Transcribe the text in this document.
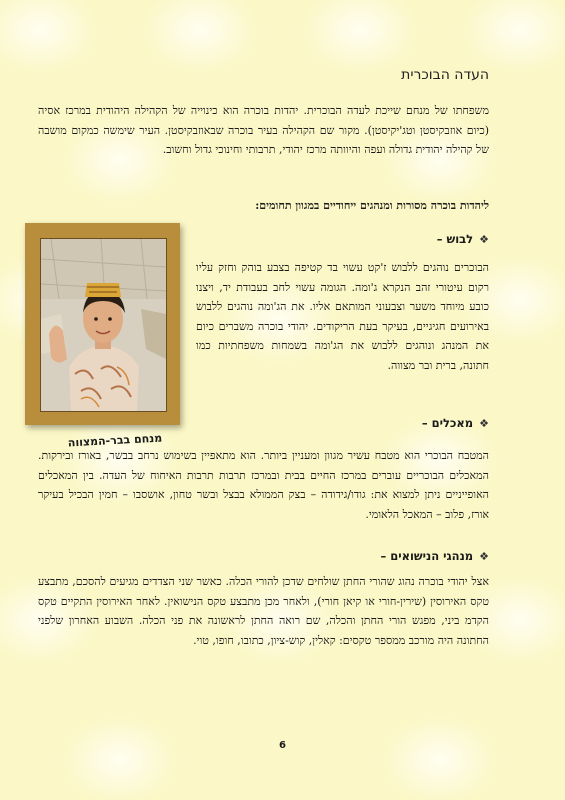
העדה הבוכרית
משפחתו של מנחם שייכת לעדה הבוכרית. יהדות בוכרה הוא כינוייה של הקהילה היהודית במרכז אסיה (כיום אוזבקיסטן וטג'יקיסטן). מקור שם הקהילה בעיר בוכרה שבאוזבקיסטן. העיר שימשה כמקום מושבה של קהילה יהודית גדולה ועפה והיוותה מרכז יהודי, תרבותי וחינוכי גדול וחשוב.
ליהדות בוכרה מסורות ומנהגים ייחודיים במגוון תחומים:
❖לבוש –
הבוכרים נוהגים ללבוש ז'קט עשוי בד קטיפה בצבע בוהק וחזק עליו רקום עיטורי זהב הנקרא ג'ומה. הגומה עשוי לחב בעבודת יד, ויצנו כובע מיוחד משער וצבעוני המותאם אליו. את הג'ומה נוהגים ללבוש באירועים חגיגיים, בעיקר בעת הריקודים. יהודי בוכרה משברים כיום את המנהג ונוהגים ללבוש את הג'ומה בשמחות משפחתיות כמו חתונה, ברית ובר מצווה.
מנחם בבר-המצווה
❖מאכלים –
המטבח הבוכרי הוא מטבח עשיר מגוון ומעניין ביותר. הוא מתאפיין בשימוש נרחב בבשר, באורז ובירקות. המאכלים הבוכריים עוברים במרכז החיים בבית ובמרכז תרבות תרבות האיחוח של העדה. בין המאכלים האופייניים ניתן למצוא את: גודו/גידודה – בצק הממולא בבצל ובשר טחון, אושסבו – חמין הבכיל בעיקר אורז, פלוב – המאכל הלאומי.
❖מנהגי הנישואים –
אצל יהודי בוכרה נהוג שהורי החתן שולחים שדכן להורי הכלה. כאשר שני הצדדים מגיעים להסכם, מתבצע טקס האירוסין (שירין-חורי או קיאן חורי), ולאחר מכן מתבצע טקס הנישואין. לאחר האירוסין התקיים טקס הקדמ ביני, מפגש הורי החתן והכלה, שם רואה החתן לראשונה את פני הכלה. השבוע האחרון שלפני החתונה היה מורכב ממספר טקסים: קאלין, קוש-ציון, כתובו, חופו, טוי.
6
